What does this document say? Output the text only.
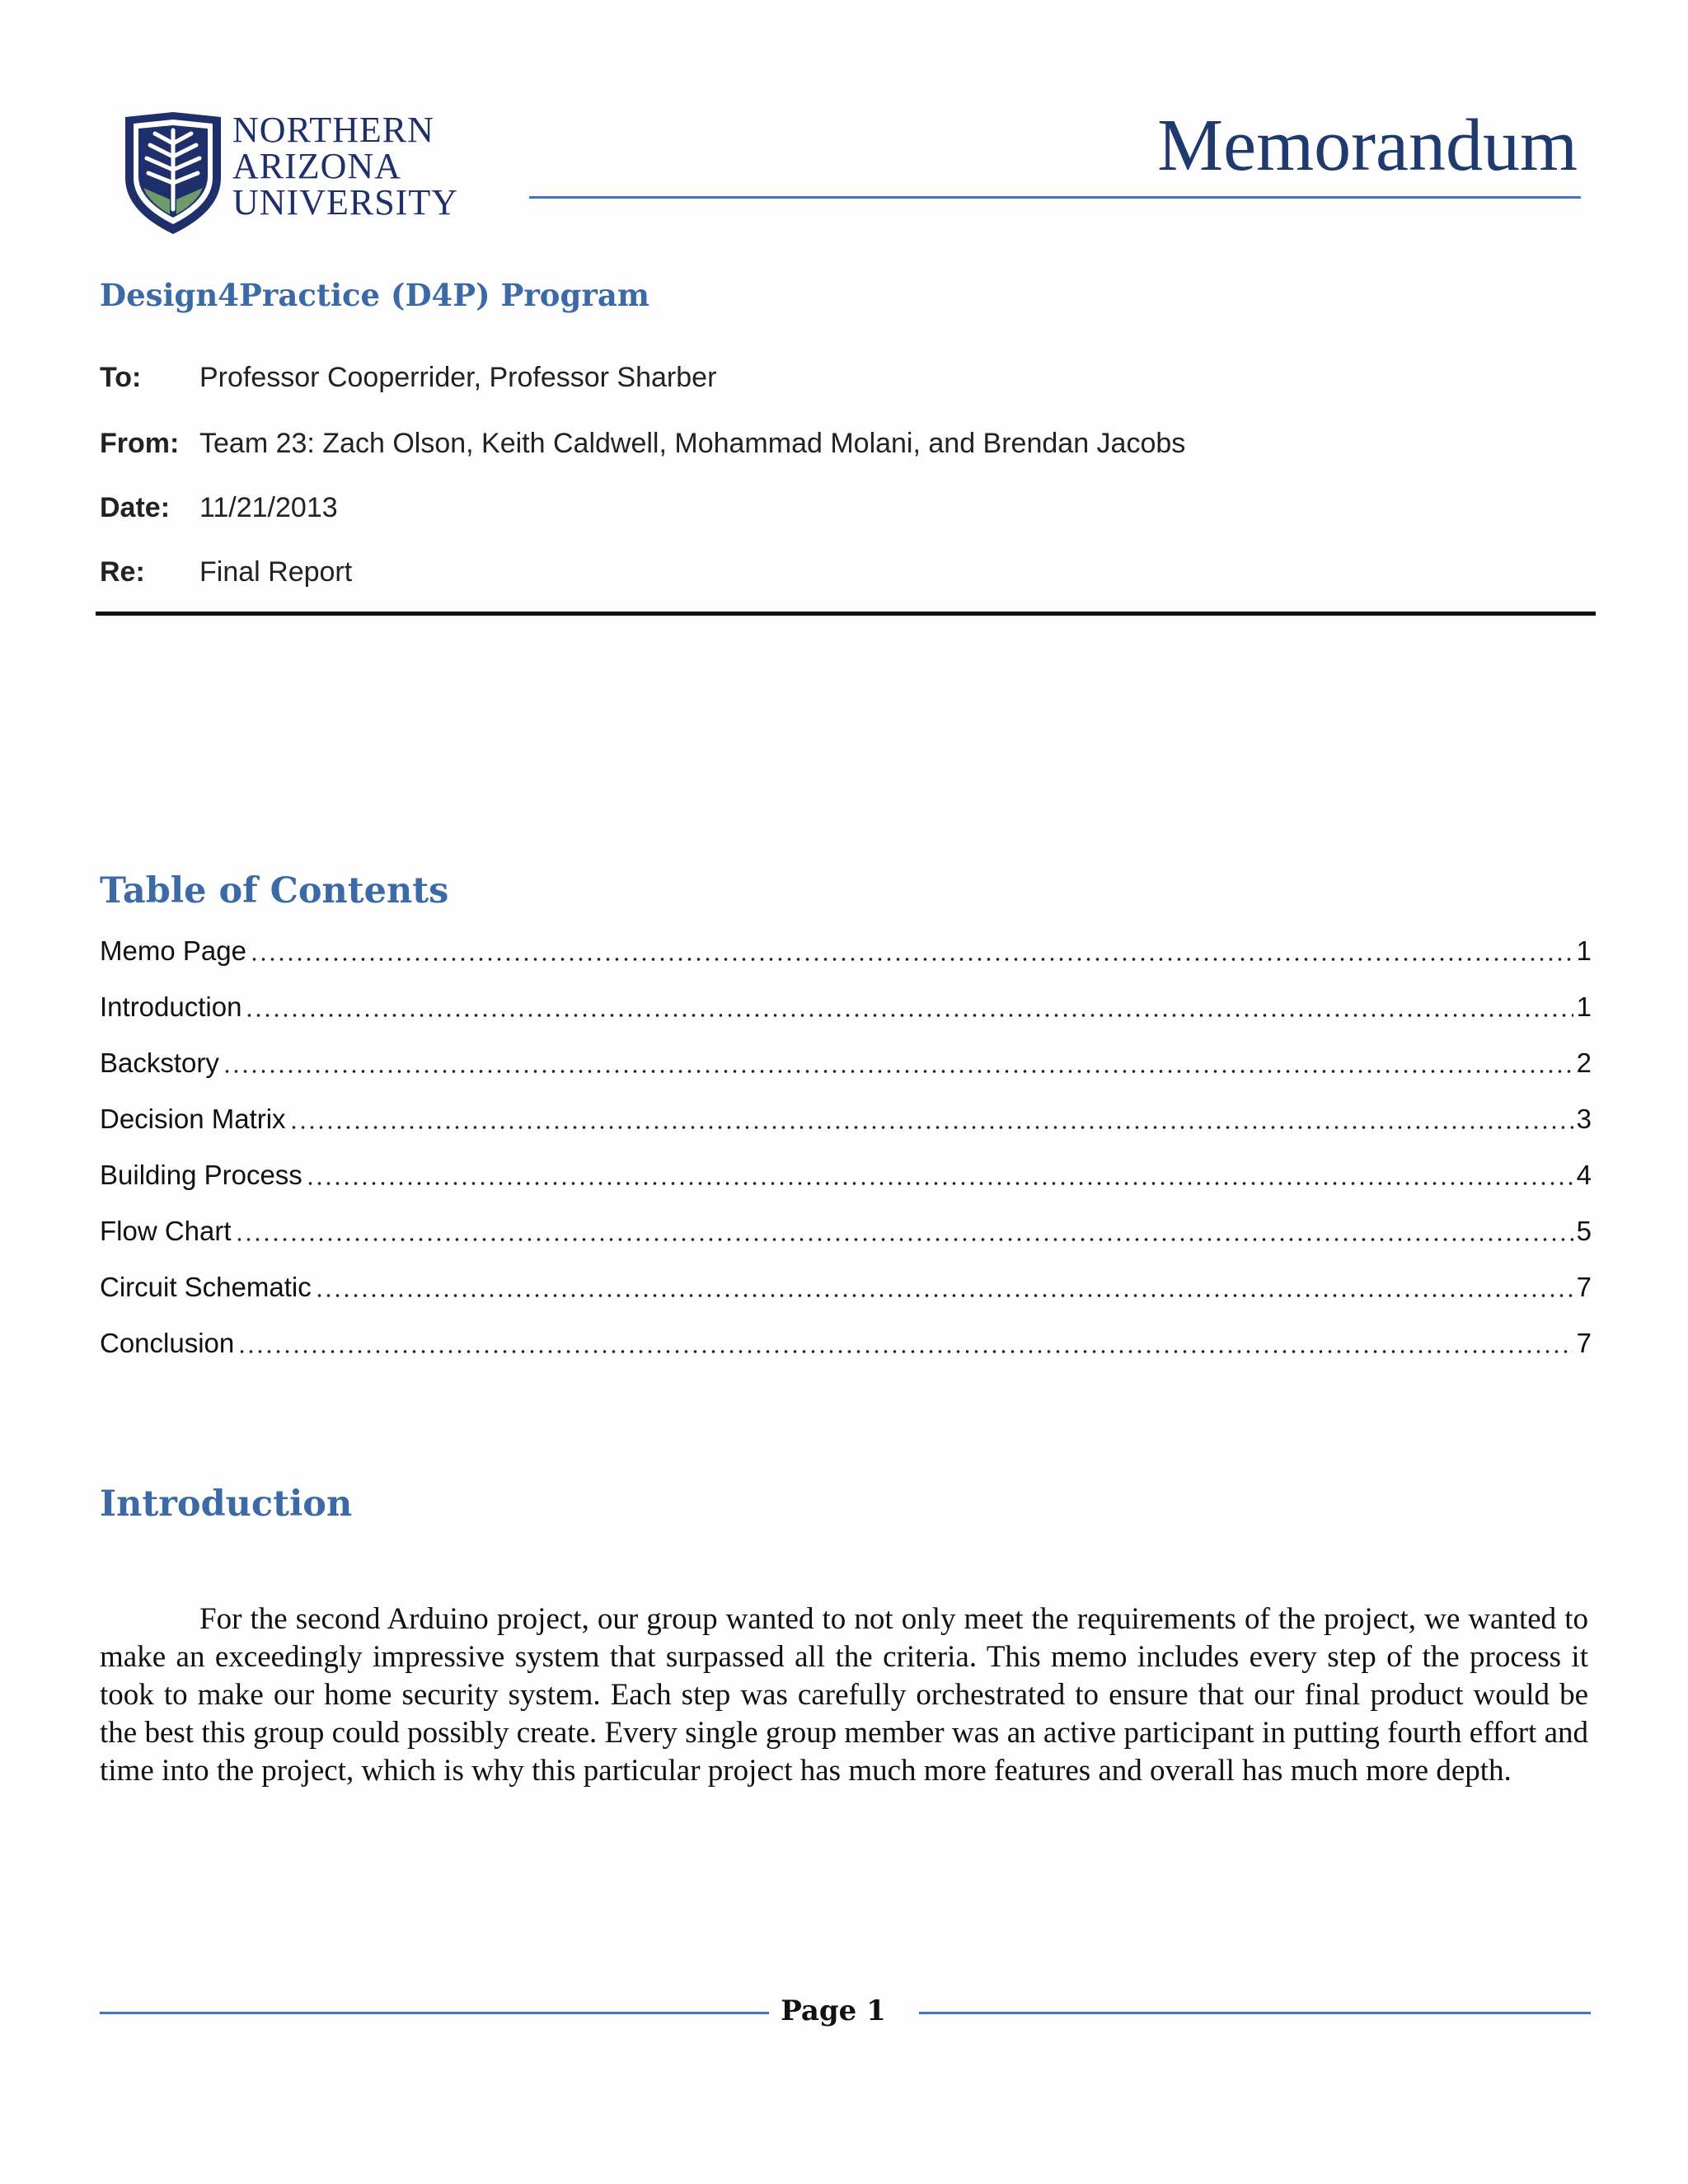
NORTHERN
ARIZONA
UNIVERSITY
Memorandum
Design4Practice (D4P) Program
To: Professor Cooperrider, Professor Sharber
From: Team 23: Zach Olson, Keith Caldwell, Mohammad Molani, and Brendan Jacobs
Date: 11/21/2013
Re: Final Report
Table of Contents
Memo Page	1
Introduction	1
Backstory	2
Decision Matrix	3
Building Process	4
Flow Chart	5
Circuit Schematic	7
Conclusion	7
Introduction

For the second Arduino project, our group wanted to not only meet the requirements of the project, we wanted to make an exceedingly impressive system that surpassed all the criteria. This memo includes every step of the process it took to make our home security system. Each step was carefully orchestrated to ensure that our final product would be the best this group could possibly create. Every single group member was an active participant in putting fourth effort and time into the project, which is why this particular project has much more features and overall has much more depth.

Page 1
